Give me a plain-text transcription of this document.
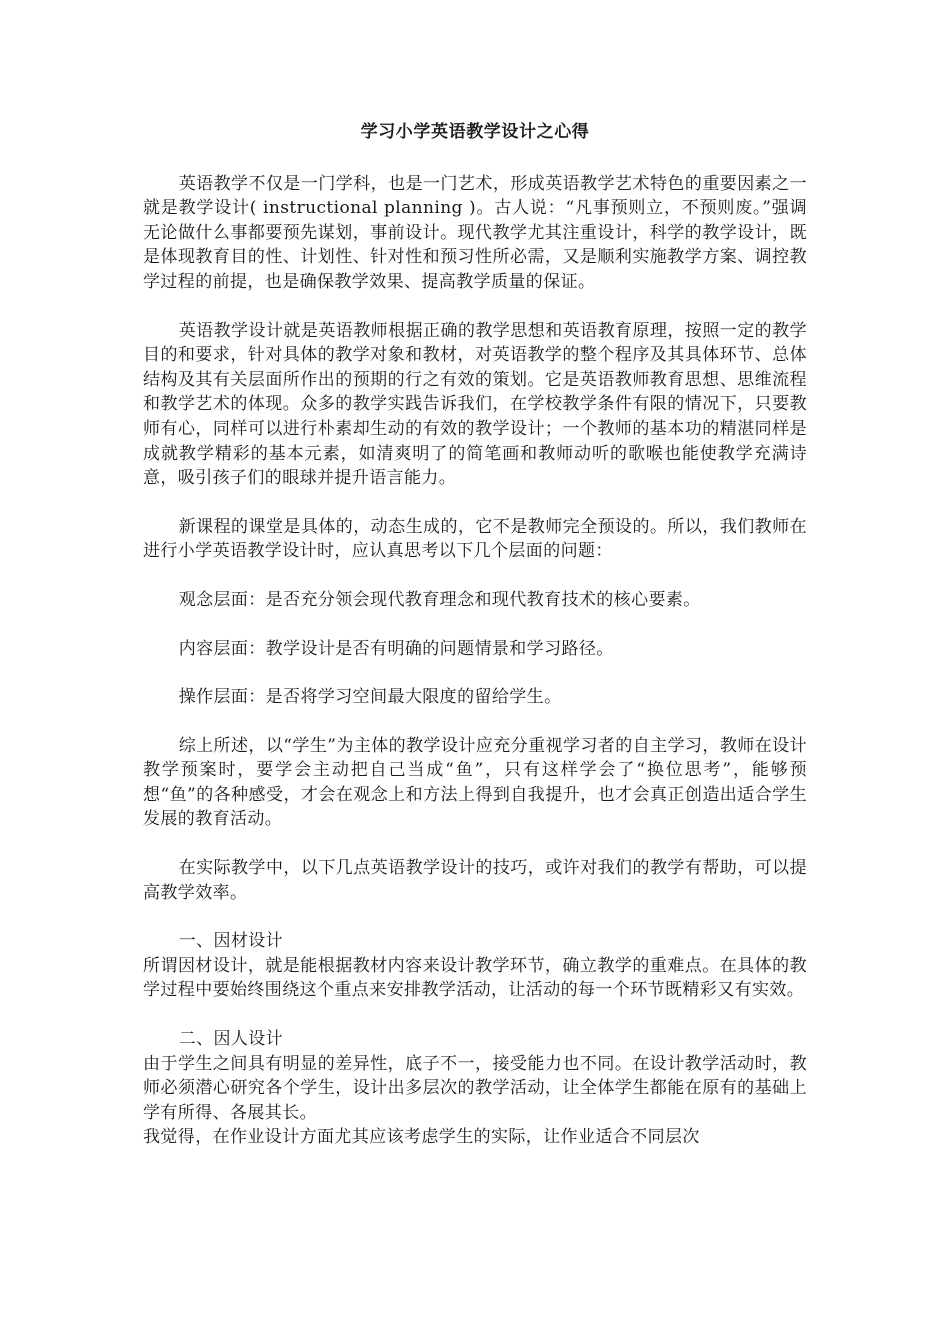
学习小学英语教学设计之心得

英语教学不仅是一门学科，也是一门艺术，形成英语教学艺术特色的重要因素之一就是教学设计( instructional planning )。古人说：“凡事预则立，不预则废。”强调无论做什么事都要预先谋划，事前设计。现代教学尤其注重设计，科学的教学设计，既是体现教育目的性、计划性、针对性和预习性所必需，又是顺利实施教学方案、调控教学过程的前提，也是确保教学效果、提高教学质量的保证。

英语教学设计就是英语教师根据正确的教学思想和英语教育原理，按照一定的教学目的和要求，针对具体的教学对象和教材，对英语教学的整个程序及其具体环节、总体结构及其有关层面所作出的预期的行之有效的策划。它是英语教师教育思想、思维流程和教学艺术的体现。众多的教学实践告诉我们，在学校教学条件有限的情况下，只要教师有心，同样可以进行朴素却生动的有效的教学设计；一个教师的基本功的精湛同样是成就教学精彩的基本元素，如清爽明了的简笔画和教师动听的歌喉也能使教学充满诗意，吸引孩子们的眼球并提升语言能力。

新课程的课堂是具体的，动态生成的，它不是教师完全预设的。所以，我们教师在进行小学英语教学设计时，应认真思考以下几个层面的问题：

观念层面：是否充分领会现代教育理念和现代教育技术的核心要素。

内容层面：教学设计是否有明确的问题情景和学习路径。

操作层面：是否将学习空间最大限度的留给学生。

综上所述，以“学生”为主体的教学设计应充分重视学习者的自主学习，教师在设计教学预案时，要学会主动把自己当成“鱼”，只有这样学会了“换位思考”，能够预想“鱼”的各种感受，才会在观念上和方法上得到自我提升，也才会真正创造出适合学生发展的教育活动。

在实际教学中，以下几点英语教学设计的技巧，或许对我们的教学有帮助，可以提高教学效率。

一、因材设计

所谓因材设计，就是能根据教材内容来设计教学环节，确立教学的重难点。在具体的教学过程中要始终围绕这个重点来安排教学活动，让活动的每一个环节既精彩又有实效。

二、因人设计

由于学生之间具有明显的差异性，底子不一，接受能力也不同。在设计教学活动时，教师必须潜心研究各个学生，设计出多层次的教学活动，让全体学生都能在原有的基础上学有所得、各展其长。

我觉得，在作业设计方面尤其应该考虑学生的实际，让作业适合不同层次
